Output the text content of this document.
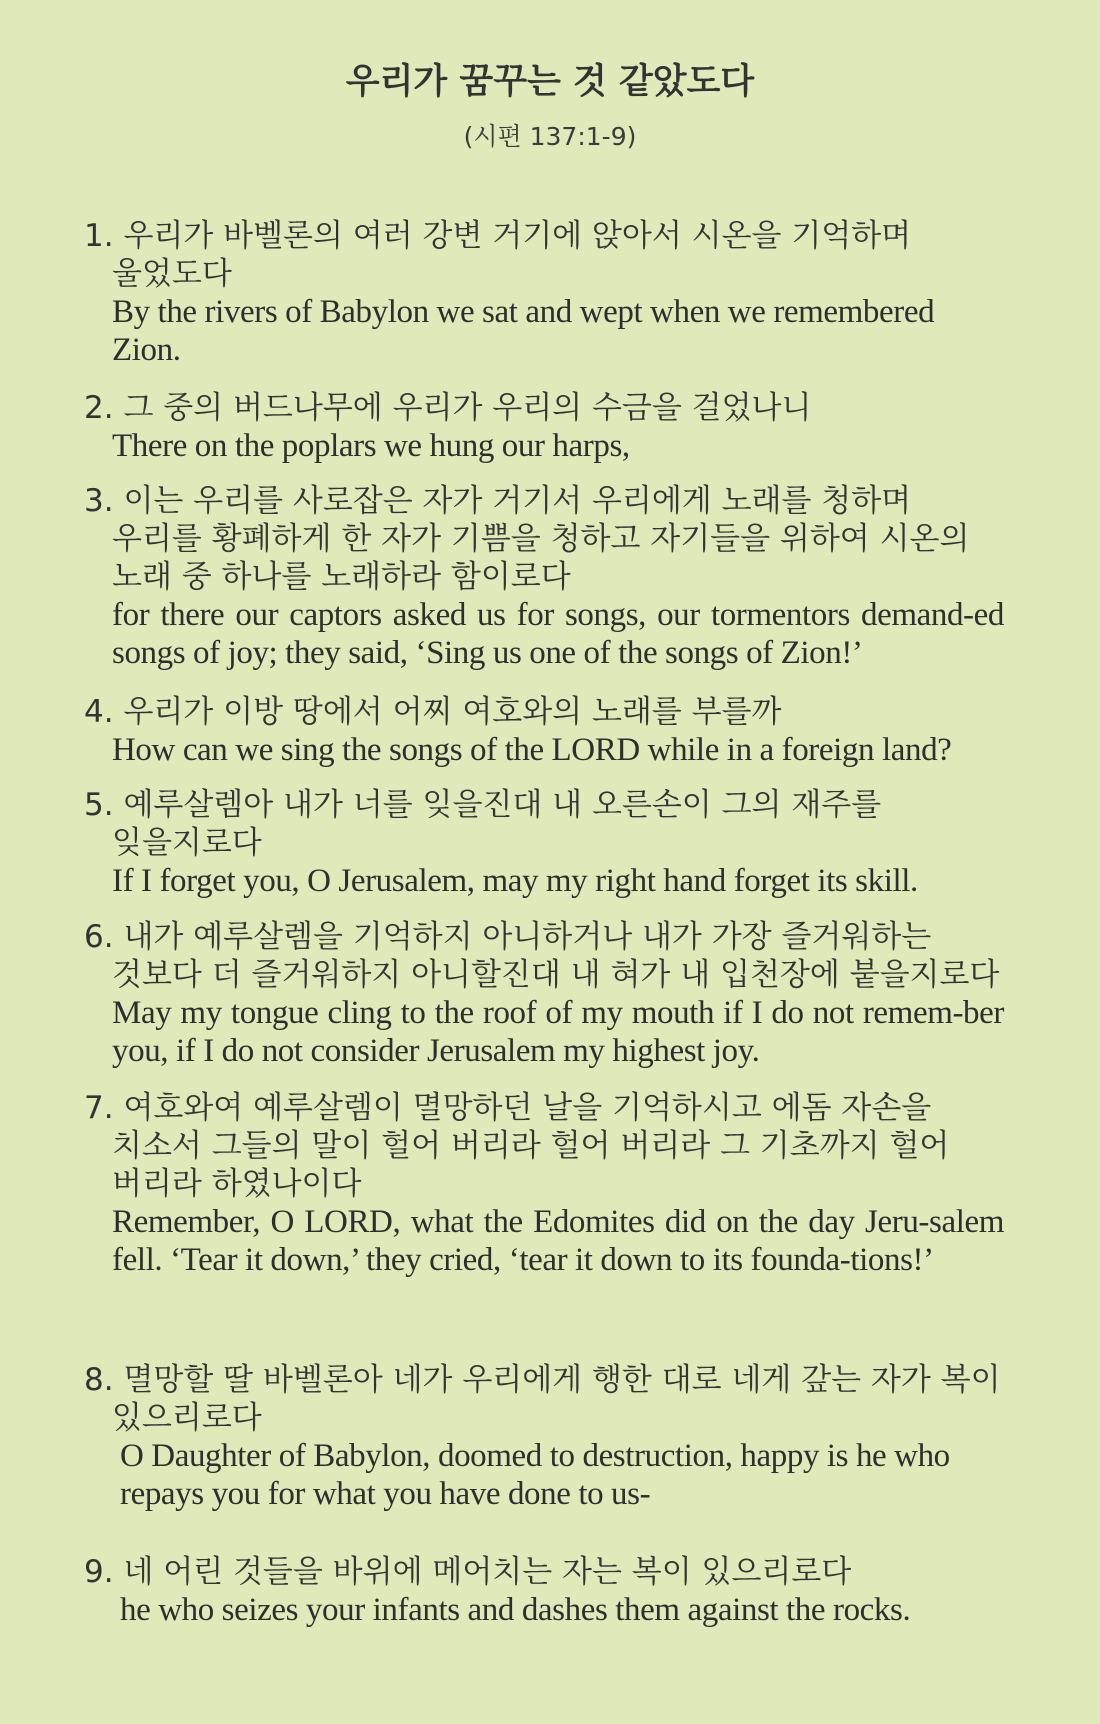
우리가 꿈꾸는 것 같았도다
(시편 137:1-9)
1. 우리가 바벨론의 여러 강변 거기에 앉아서 시온을 기억하며 울었도다
By the rivers of Babylon we sat and wept when we remembered Zion.
2. 그 중의 버드나무에 우리가 우리의 수금을 걸었나니
There on the poplars we hung our harps,
3. 이는 우리를 사로잡은 자가 거기서 우리에게 노래를 청하며 우리를 황폐하게 한 자가 기쁨을 청하고 자기들을 위하여 시온의 노래 중 하나를 노래하라 함이로다
for there our captors asked us for songs, our tormentors demand-ed songs of joy; they said, ‘Sing us one of the songs of Zion!’
4. 우리가 이방 땅에서 어찌 여호와의 노래를 부를까
How can we sing the songs of the LORD while in a foreign land?
5. 예루살렘아 내가 너를 잊을진대 내 오른손이 그의 재주를 잊을지로다
If I forget you, O Jerusalem, may my right hand forget its skill.
6. 내가 예루살렘을 기억하지 아니하거나 내가 가장 즐거워하는 것보다 더 즐거워하지 아니할진대 내 혀가 내 입천장에 붙을지로다
May my tongue cling to the roof of my mouth if I do not remem-ber you, if I do not consider Jerusalem my highest joy.
7. 여호와여 예루살렘이 멸망하던 날을 기억하시고 에돔 자손을 치소서 그들의 말이 헐어 버리라 헐어 버리라 그 기초까지 헐어 버리라 하였나이다
Remember, O LORD, what the Edomites did on the day Jeru-salem fell. ‘Tear it down,’ they cried, ‘tear it down to its founda-tions!’
8. 멸망할 딸 바벨론아 네가 우리에게 행한 대로 네게 갚는 자가 복이 있으리로다
O Daughter of Babylon, doomed to destruction, happy is he who repays you for what you have done to us-
9. 네 어린 것들을 바위에 메어치는 자는 복이 있으리로다
he who seizes your infants and dashes them against the rocks.
